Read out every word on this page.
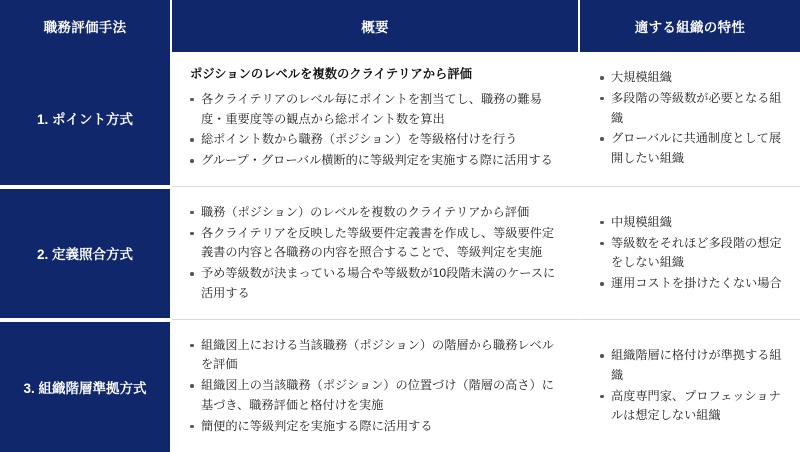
職務評価手法	概要	適する組織の特性
1. ポイント方式

ポジションのレベルを複数のクライテリアから評価

各クライテリアのレベル毎にポイントを割当てし、職務の難易度・重要度等の観点から総ポイント数を算出
総ポイント数から職務（ポジション）を等級格付けを行う
グループ・グローバル横断的に等級判定を実施する際に活用する
大規模組織
多段階の等級数が必要となる組織
グローバルに共通制度として展開したい組織
2. 定義照合方式
職務（ポジション）のレベルを複数のクライテリアから評価
各クライテリアを反映した等級要件定義書を作成し、等級要件定義書の内容と各職務の内容を照合することで、等級判定を実施
予め等級数が決まっている場合や等級数が10段階未満のケースに活用する
中規模組織
等級数をそれほど多段階の想定をしない組織
運用コストを掛けたくない場合
3. 組織階層準拠方式
組織図上における当該職務（ポジション）の階層から職務レベルを評価
組織図上の当該職務（ポジション）の位置づけ（階層の高さ）に基づき、職務評価と格付けを実施
簡便的に等級判定を実施する際に活用する
組織階層に格付けが準拠する組織
高度専門家、プロフェッショナルは想定しない組織
